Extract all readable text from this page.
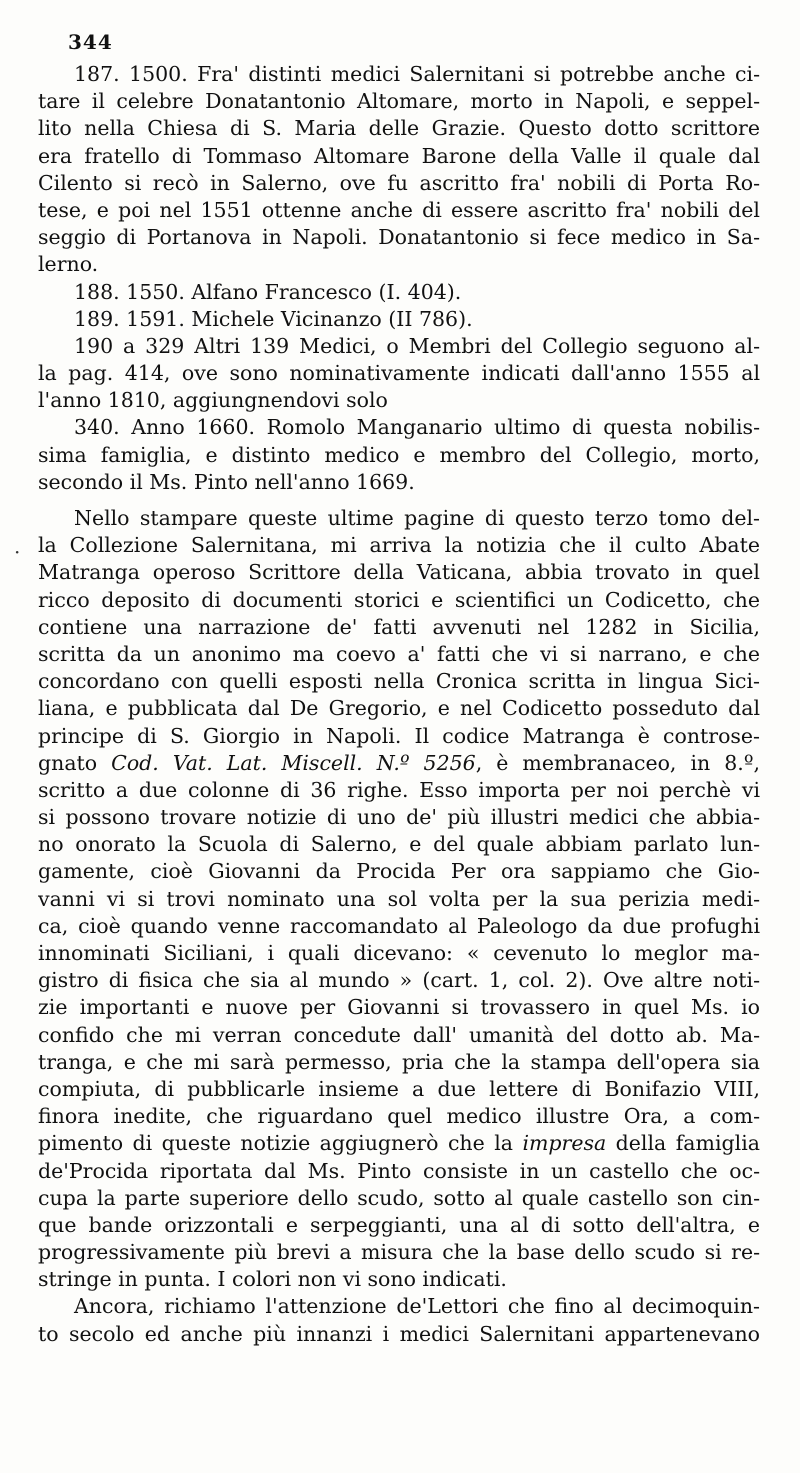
344
·
187. 1500. Fra' distinti medici Salernitani si potrebbe anche ci-
tare il celebre Donatantonio Altomare, morto in Napoli, e seppel-
lito nella Chiesa di S. Maria delle Grazie. Questo dotto scrittore
era fratello di Tommaso Altomare Barone della Valle il quale dal
Cilento si recò in Salerno, ove fu ascritto fra' nobili di Porta Ro-
tese, e poi nel 1551 ottenne anche di essere ascritto fra' nobili del
seggio di Portanova in Napoli. Donatantonio si fece medico in Sa-
lerno.
188. 1550. Alfano Francesco (I. 404).
189. 1591. Michele Vicinanzo (II 786).
190 a 329 Altri 139 Medici, o Membri del Collegio seguono al-
la pag. 414, ove sono nominativamente indicati dall'anno 1555 al
l'anno 1810, aggiungnendovi solo
340. Anno 1660. Romolo Manganario ultimo di questa nobilis-
sima famiglia, e distinto medico e membro del Collegio, morto,
secondo il Ms. Pinto nell'anno 1669.
Nello stampare queste ultime pagine di questo terzo tomo del-
la Collezione Salernitana, mi arriva la notizia che il culto Abate
Matranga operoso Scrittore della Vaticana, abbia trovato in quel
ricco deposito di documenti storici e scientifici un Codicetto, che
contiene una narrazione de' fatti avvenuti nel 1282 in Sicilia,
scritta da un anonimo ma coevo a' fatti che vi si narrano, e che
concordano con quelli esposti nella Cronica scritta in lingua Sici-
liana, e pubblicata dal De Gregorio, e nel Codicetto posseduto dal
principe di S. Giorgio in Napoli. Il codice Matranga è controse-
gnato Cod. Vat. Lat. Miscell. N.º 5256, è membranaceo, in 8.º,
scritto a due colonne di 36 righe. Esso importa per noi perchè vi
si possono trovare notizie di uno de' più illustri medici che abbia-
no onorato la Scuola di Salerno, e del quale abbiam parlato lun-
gamente, cioè Giovanni da Procida Per ora sappiamo che Gio-
vanni vi si trovi nominato una sol volta per la sua perizia medi-
ca, cioè quando venne raccomandato al Paleologo da due profughi
innominati Siciliani, i quali dicevano: « cevenuto lo meglor ma-
gistro di fisica che sia al mundo » (cart. 1, col. 2). Ove altre noti-
zie importanti e nuove per Giovanni si trovassero in quel Ms. io
confido che mi verran concedute dall' umanità del dotto ab. Ma-
tranga, e che mi sarà permesso, pria che la stampa dell'opera sia
compiuta, di pubblicarle insieme a due lettere di Bonifazio VIII,
finora inedite, che riguardano quel medico illustre Ora, a com-
pimento di queste notizie aggiugnerò che la impresa della famiglia
de'Procida riportata dal Ms. Pinto consiste in un castello che oc-
cupa la parte superiore dello scudo, sotto al quale castello son cin-
que bande orizzontali e serpeggianti, una al di sotto dell'altra, e
progressivamente più brevi a misura che la base dello scudo si re-
stringe in punta. I colori non vi sono indicati.
Ancora, richiamo l'attenzione de'Lettori che fino al decimoquin-
to secolo ed anche più innanzi i medici Salernitani appartenevano
